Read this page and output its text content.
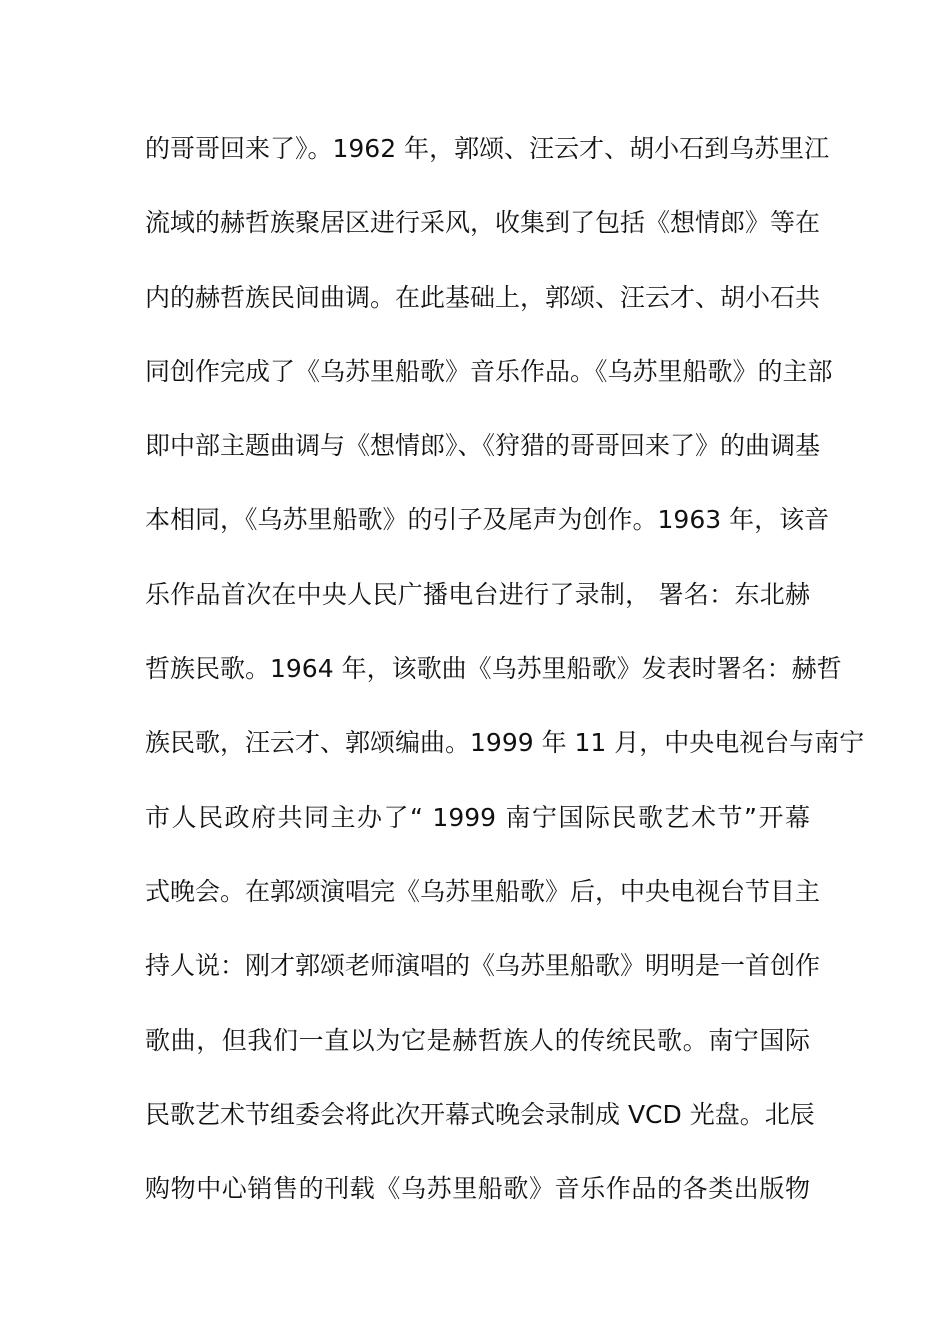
的哥哥回来了》。1962 年，郭颂、汪云才、胡小石到乌苏里江
流域的赫哲族聚居区进行采风，收集到了包括《想情郎》等在
内的赫哲族民间曲调。在此基础上，郭颂、汪云才、胡小石共
同创作完成了《乌苏里船歌》音乐作品。《乌苏里船歌》的主部
即中部主题曲调与《想情郎》、《狩猎的哥哥回来了》的曲调基
本相同，《乌苏里船歌》的引子及尾声为创作。1963 年，该音
乐作品首次在中央人民广播电台进行了录制， 署名：东北赫
哲族民歌。1964 年，该歌曲《乌苏里船歌》发表时署名：赫哲
族民歌，汪云才、郭颂编曲。1999 年 11 月，中央电视台与南宁
市人民政府共同主办了“ 1999 南宁国际民歌艺术节”开幕
式晚会。在郭颂演唱完《乌苏里船歌》后，中央电视台节目主
持人说：刚才郭颂老师演唱的《乌苏里船歌》明明是一首创作
歌曲，但我们一直以为它是赫哲族人的传统民歌。南宁国际
民歌艺术节组委会将此次开幕式晚会录制成 VCD 光盘。北辰
购物中心销售的刊载《乌苏里船歌》音乐作品的各类出版物
